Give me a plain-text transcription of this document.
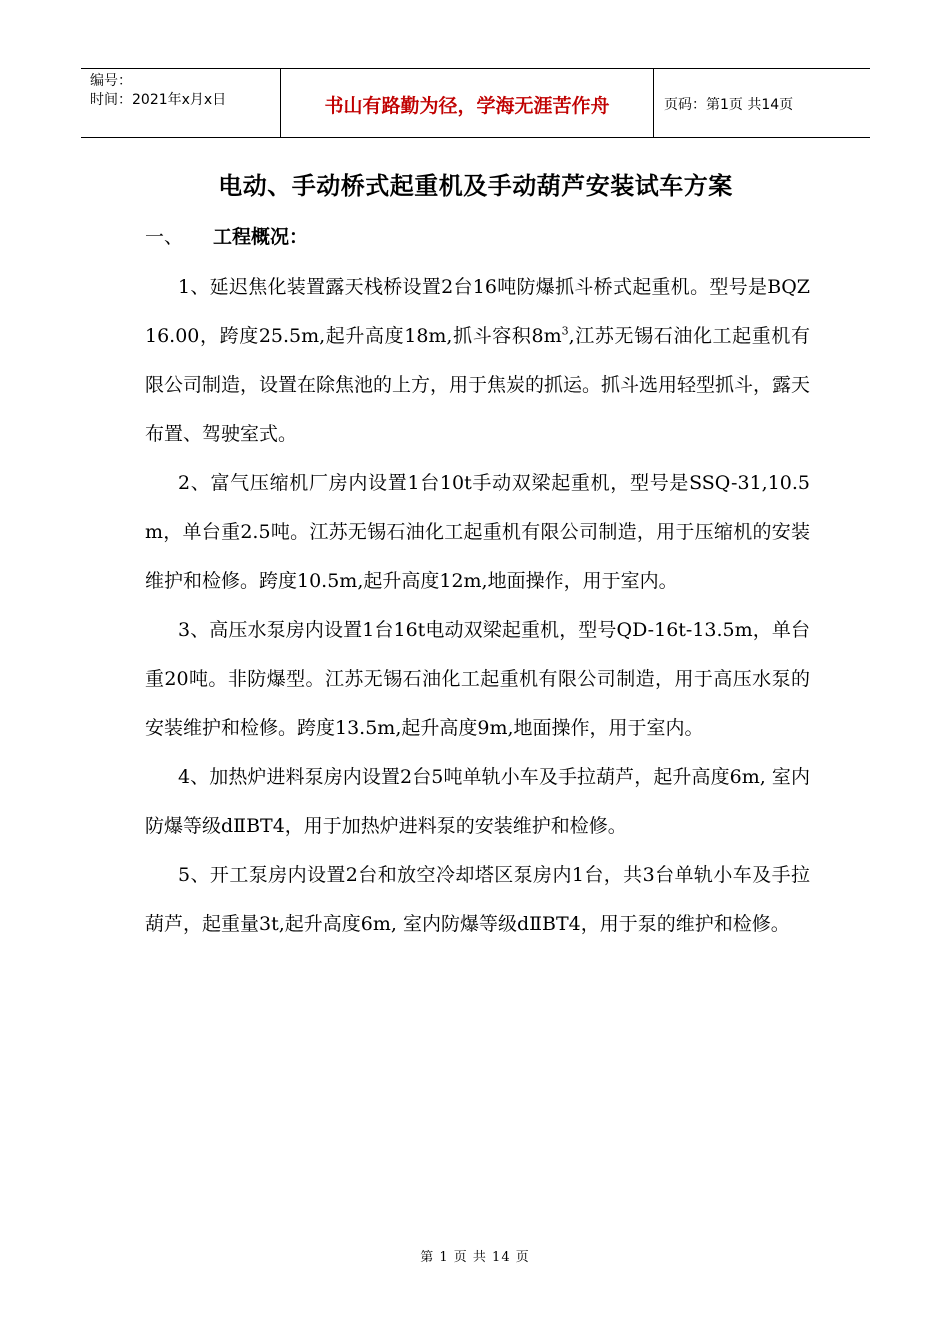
编号：
时间：2021年x月x日	书山有路勤为径，学海无涯苦作舟	页码：第1页 共14页
电动、手动桥式起重机及手动葫芦安装试车方案
一、 工程概况：

1、延迟焦化装置露天栈桥设置2台16吨防爆抓斗桥式起重机。型号是BQZ16.00，跨度25.5m,起升高度18m,抓斗容积$8m^3$,江苏无锡石油化工起重机有限公司制造，设置在除焦池的上方，用于焦炭的抓运。抓斗选用轻型抓斗，露天布置、驾驶室式。

2、富气压缩机厂房内设置1台10t手动双梁起重机，型号是SSQ-31,10.5m，单台重2.5吨。江苏无锡石油化工起重机有限公司制造，用于压缩机的安装维护和检修。跨度10.5m,起升高度12m,地面操作，用于室内。

3、高压水泵房内设置1台16t电动双梁起重机，型号QD-16t-13.5m，单台重20吨。非防爆型。江苏无锡石油化工起重机有限公司制造，用于高压水泵的安装维护和检修。跨度13.5m,起升高度9m,地面操作，用于室内。

4、加热炉进料泵房内设置2台5吨单轨小车及手拉葫芦，起升高度6m, 室内防爆等级dⅡBT4，用于加热炉进料泵的安装维护和检修。

5、开工泵房内设置2台和放空冷却塔区泵房内1台，共3台单轨小车及手拉葫芦，起重量3t,起升高度6m, 室内防爆等级dⅡBT4，用于泵的维护和检修。

第 1 页 共 14 页
